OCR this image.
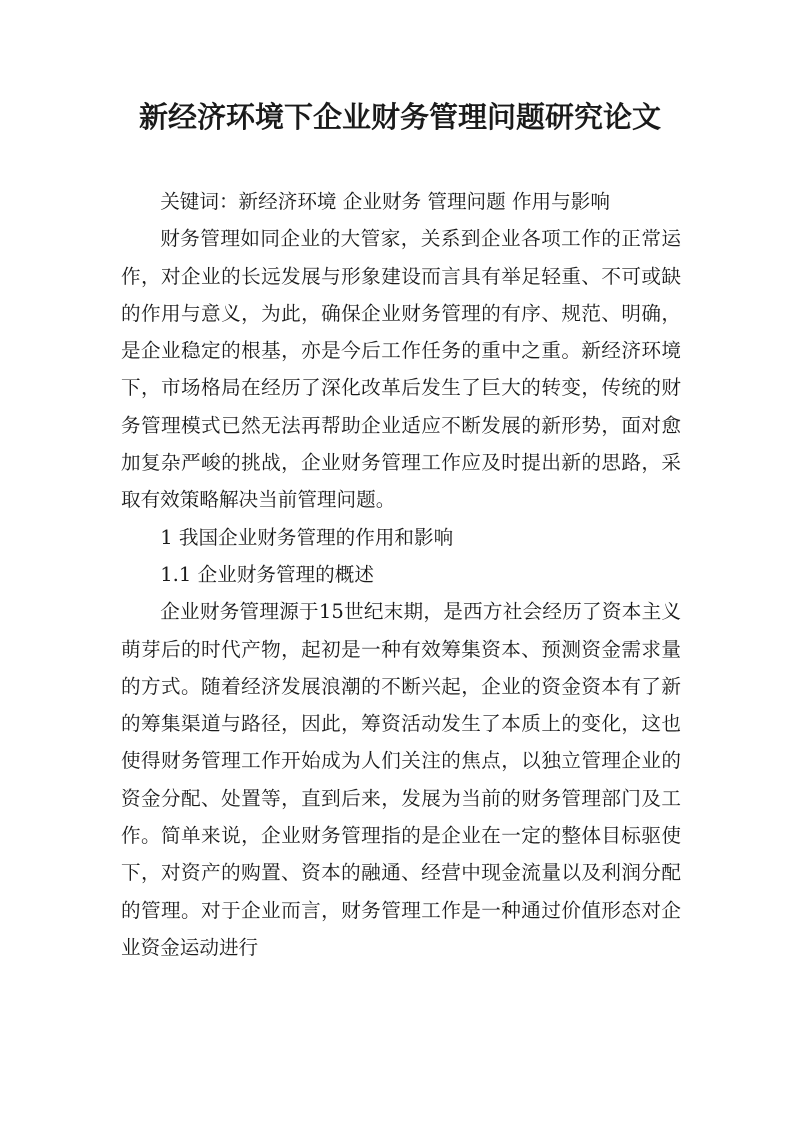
新经济环境下企业财务管理问题研究论文

关键词：新经济环境 企业财务 管理问题 作用与影响

财务管理如同企业的大管家，关系到企业各项工作的正常运作，对企业的长远发展与形象建设而言具有举足轻重、不可或缺的作用与意义，为此，确保企业财务管理的有序、规范、明确，是企业稳定的根基，亦是今后工作任务的重中之重。新经济环境下，市场格局在经历了深化改革后发生了巨大的转变，传统的财务管理模式已然无法再帮助企业适应不断发展的新形势，面对愈加复杂严峻的挑战，企业财务管理工作应及时提出新的思路，采取有效策略解决当前管理问题。

1 我国企业财务管理的作用和影响

1.1 企业财务管理的概述

企业财务管理源于15世纪末期，是西方社会经历了资本主义萌芽后的时代产物，起初是一种有效筹集资本、预测资金需求量的方式。随着经济发展浪潮的不断兴起，企业的资金资本有了新的筹集渠道与路径，因此，筹资活动发生了本质上的变化，这也使得财务管理工作开始成为人们关注的焦点，以独立管理企业的资金分配、处置等，直到后来，发展为当前的财务管理部门及工作。简单来说，企业财务管理指的是企业在一定的整体目标驱使下，对资产的购置、资本的融通、经营中现金流量以及利润分配的管理。对于企业而言，财务管理工作是一种通过价值形态对企业资金运动进行
